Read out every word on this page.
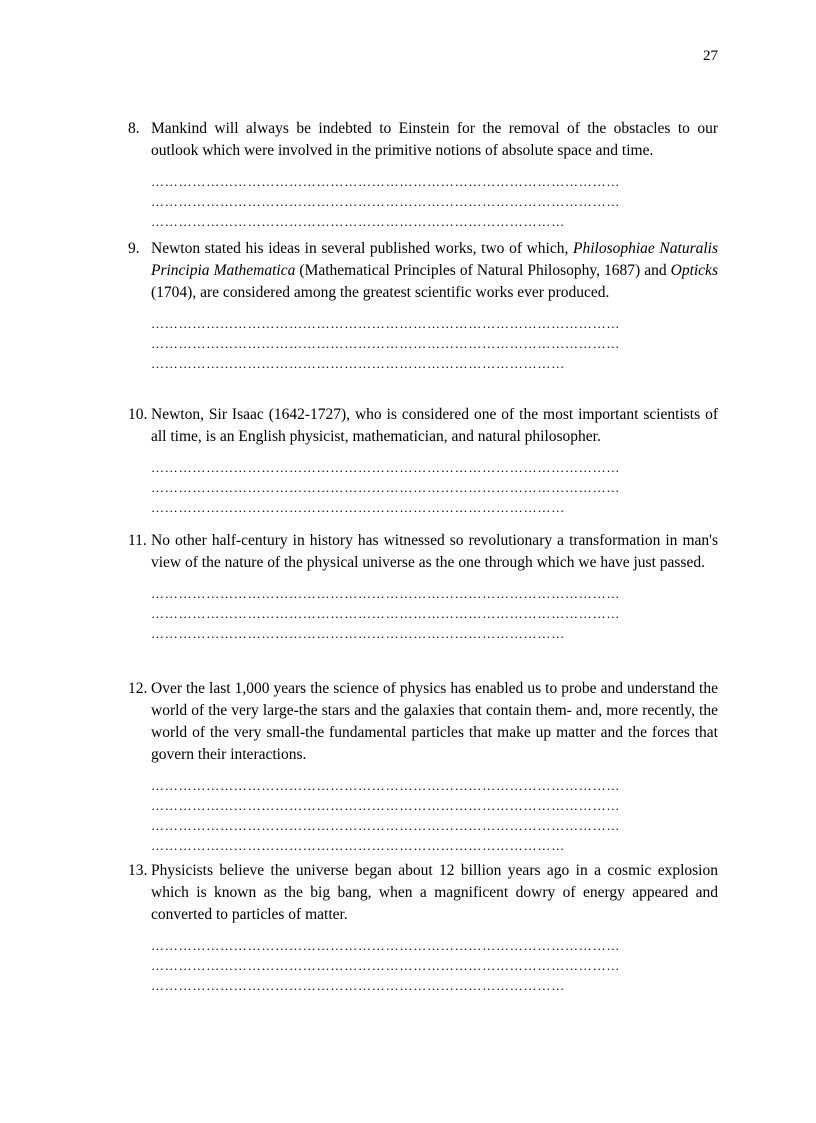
27
8. Mankind will always be indebted to Einstein for the removal of the obstacles to our outlook which were involved in the primitive notions of absolute space and time.
…………………………………………………………………………………………
…………………………………………………………………………………………
………………………………………………………………………………
9. Newton stated his ideas in several published works, two of which, Philosophiae Naturalis Principia Mathematica (Mathematical Principles of Natural Philosophy, 1687) and Opticks (1704), are considered among the greatest scientific works ever produced.
…………………………………………………………………………………………
…………………………………………………………………………………………
………………………………………………………………………………
10. Newton, Sir Isaac (1642-1727), who is considered one of the most important scientists of all time, is an English physicist, mathematician, and natural philosopher.
…………………………………………………………………………………………
…………………………………………………………………………………………
………………………………………………………………………………
11. No other half-century in history has witnessed so revolutionary a transformation in man's view of the nature of the physical universe as the one through which we have just passed.
…………………………………………………………………………………………
…………………………………………………………………………………………
………………………………………………………………………………
12. Over the last 1,000 years the science of physics has enabled us to probe and understand the world of the very large-the stars and the galaxies that contain them- and, more recently, the world of the very small-the fundamental particles that make up matter and the forces that govern their interactions.
…………………………………………………………………………………………
…………………………………………………………………………………………
…………………………………………………………………………………………
………………………………………………………………………………
13. Physicists believe the universe began about 12 billion years ago in a cosmic explosion which is known as the big bang, when a magnificent dowry of energy appeared and converted to particles of matter.
…………………………………………………………………………………………
…………………………………………………………………………………………
………………………………………………………………………………
